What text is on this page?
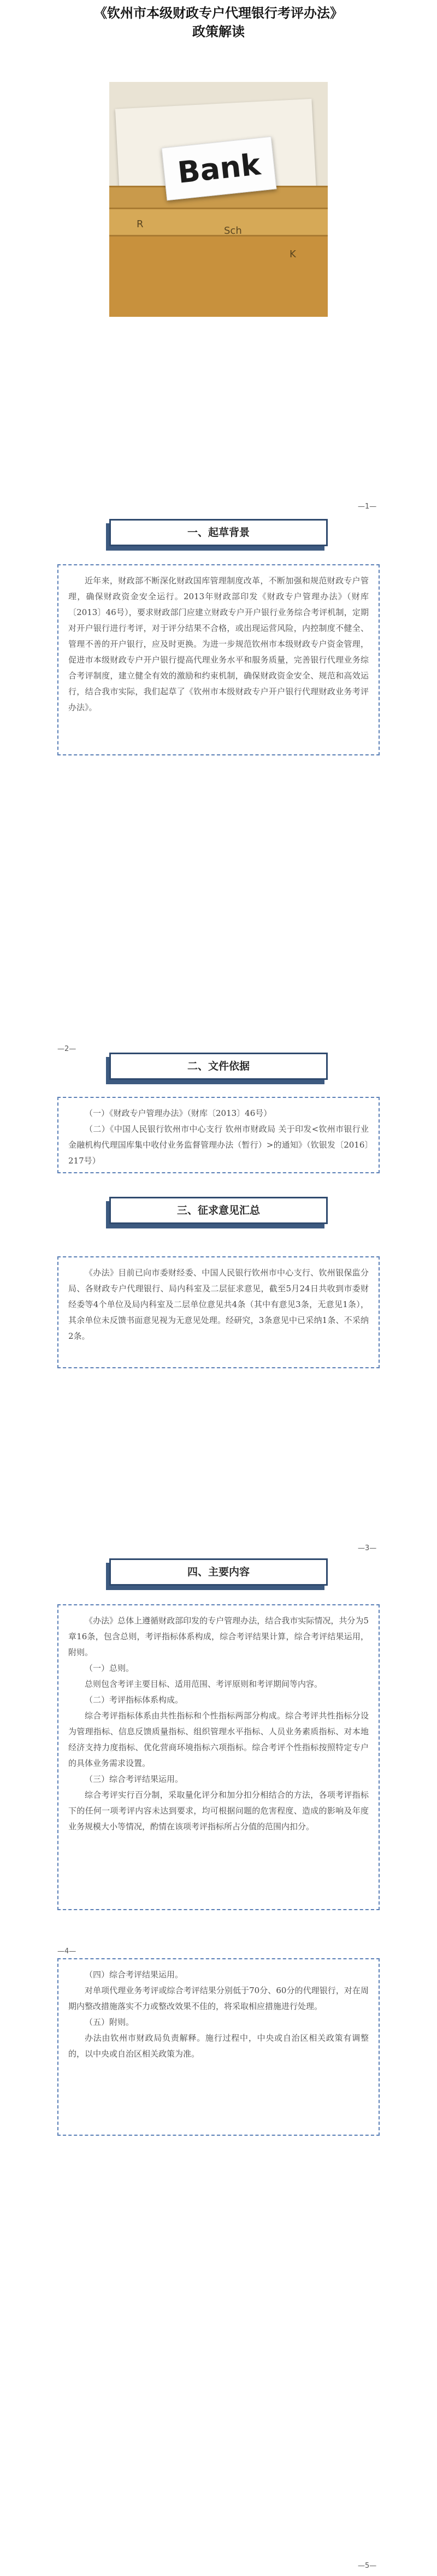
《钦州市本级财政专户代理银行考评办法》
政策解读
R
Sch
K
Bank
—1—
一、起草背景

近年来，财政部不断深化财政国库管理制度改革，不断加强和规范财政专户管理，确保财政资金安全运行。2013年财政部印发《财政专户管理办法》（财库〔2013〕46号），要求财政部门应建立财政专户开户银行业务综合考评机制，定期对开户银行进行考评，对于评分结果不合格，或出现运营风险，内控制度不健全、管理不善的开户银行，应及时更换。为进一步规范钦州市本级财政专户资金管理，促进市本级财政专户开户银行提高代理业务水平和服务质量，完善银行代理业务综合考评制度，建立健全有效的激励和约束机制，确保财政资金安全、规范和高效运行，结合我市实际，我们起草了《钦州市本级财政专户开户银行代理财政业务考评办法》。

—2—
二、文件依据

（一）《财政专户管理办法》（财库〔2013〕46号）

（二）《中国人民银行钦州市中心支行 钦州市财政局 关于印发<钦州市银行业金融机构代理国库集中收付业务监督管理办法（暂行）>的通知》（钦银发〔2016〕217号）

三、征求意见汇总

《办法》目前已向市委财经委、中国人民银行钦州市中心支行、钦州银保监分局、各财政专户代理银行、局内科室及二层征求意见，截至5月24日共收到市委财经委等4个单位及局内科室及二层单位意见共4条（其中有意见3条，无意见1条），其余单位未反馈书面意见视为无意见处理。经研究，3条意见中已采纳1条、不采纳2条。

—3—
四、主要内容

《办法》总体上遵循财政部印发的专户管理办法，结合我市实际情况，共分为5章16条，包含总则，考评指标体系构成，综合考评结果计算，综合考评结果运用，附则。

（一）总则。

总则包含考评主要目标、适用范围、考评原则和考评期间等内容。

（二）考评指标体系构成。

综合考评指标体系由共性指标和个性指标两部分构成。综合考评共性指标分设为管理指标、信息反馈质量指标、组织管理水平指标、人员业务素质指标、对本地经济支持力度指标、优化营商环境指标六项指标。综合考评个性指标按照特定专户的具体业务需求设置。

（三）综合考评结果运用。

综合考评实行百分制，采取量化评分和加分扣分相结合的方法，各项考评指标下的任何一项考评内容未达到要求，均可根据问题的危害程度、造成的影响及年度业务规模大小等情况，酌情在该项考评指标所占分值的范围内扣分。

—4—

（四）综合考评结果运用。

对单项代理业务考评或综合考评结果分别低于70分、60分的代理银行，对在周期内整改措施落实不力或整改效果不佳的，将采取相应措施进行处理。

（五）附则。

办法由钦州市财政局负责解释。施行过程中，中央或自治区相关政策有调整的，以中央或自治区相关政策为准。

—5—
